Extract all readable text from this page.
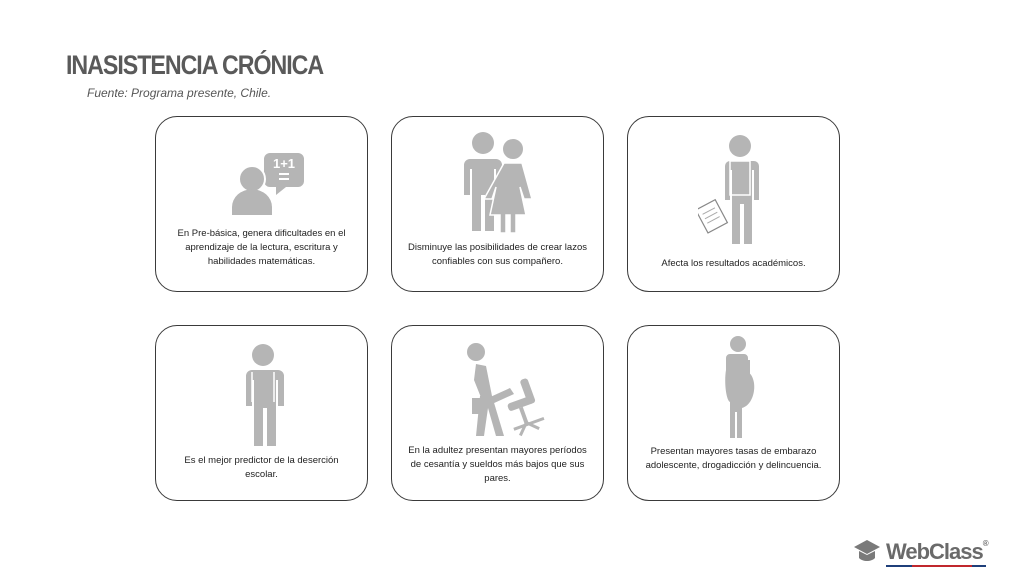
INASISTENCIA CRÓNICA
Fuente: Programa presente, Chile.
1+1
En Pre-básica, genera dificultades en el aprendizaje de la lectura, escritura y habilidades matemáticas.
Disminuye las posibilidades de crear lazos confiables con sus compañero.	Afecta los resultados académicos.
Es el mejor predictor de la deserción escolar.
En la adultez presentan mayores períodos de cesantía y sueldos más bajos que sus pares.
Presentan mayores tasas de embarazo adolescente, drogadicción y delincuencia.
WebClass®
